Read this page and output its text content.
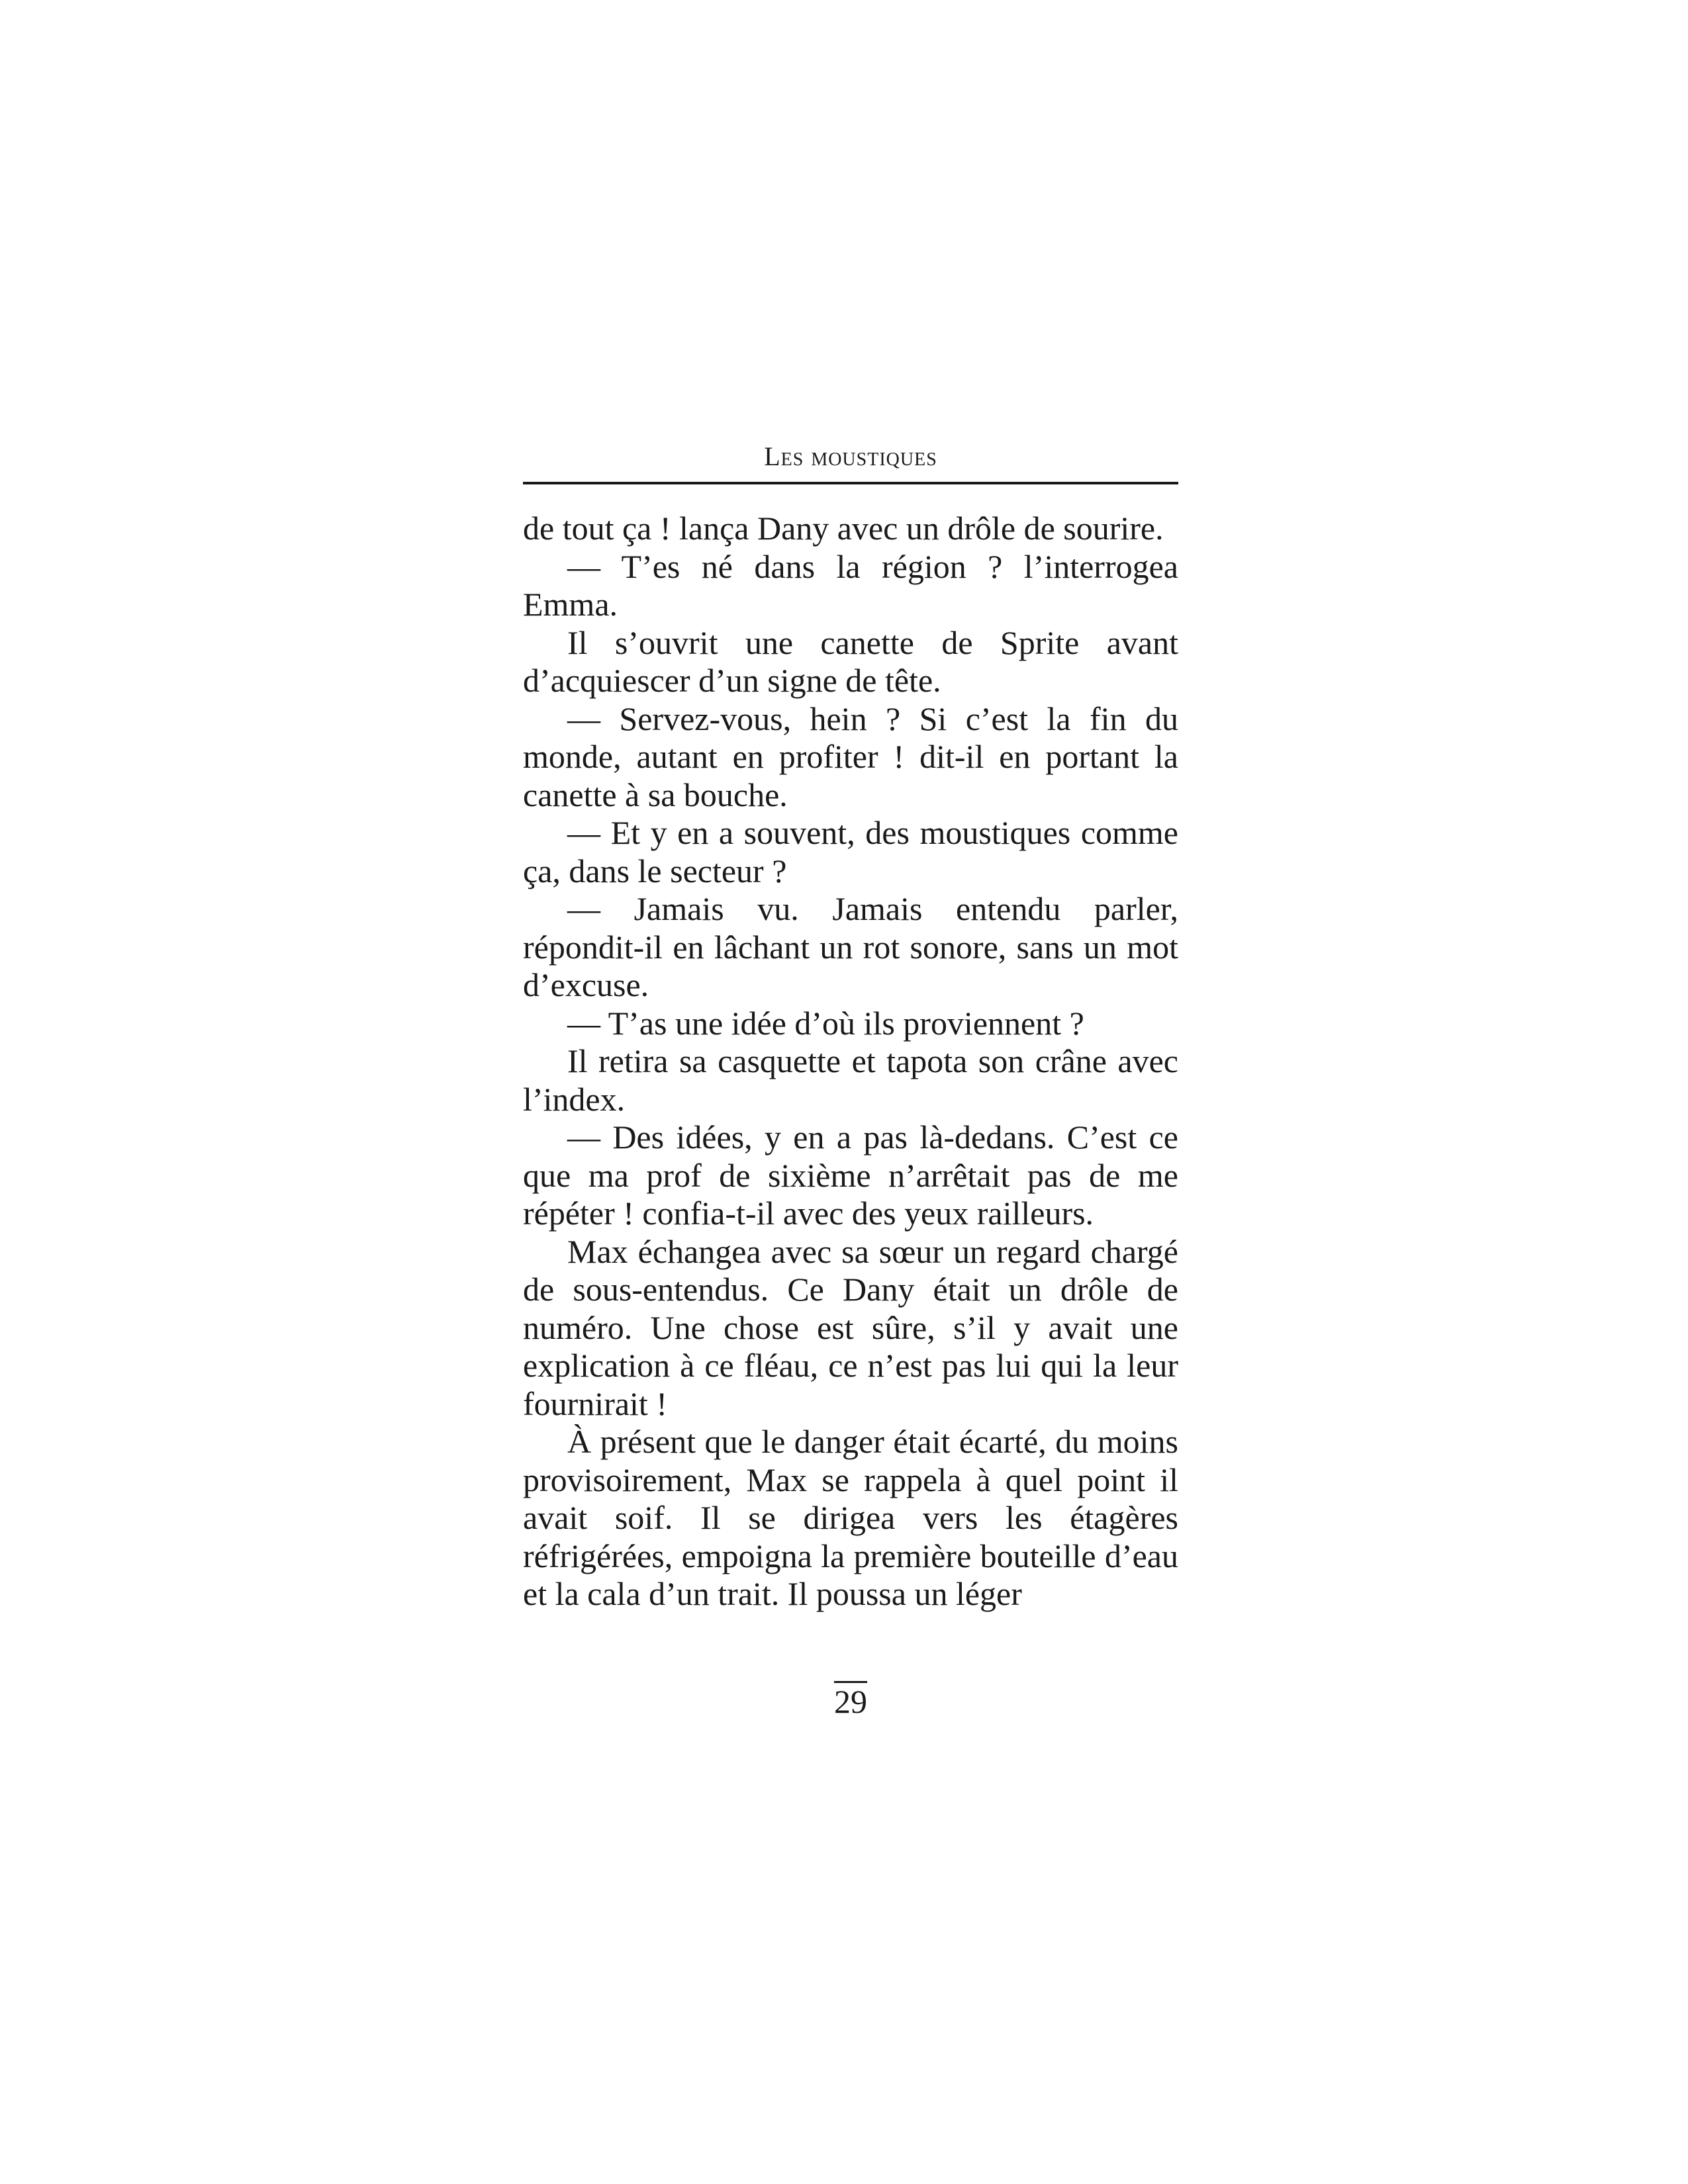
Les moustiques

de tout ça ! lança Dany avec un drôle de sourire.

— T’es né dans la région ? l’interrogea Emma.

Il s’ouvrit une canette de Sprite avant d’acquiescer d’un signe de tête.

— Servez-vous, hein ? Si c’est la fin du monde, autant en profiter ! dit-il en portant la canette à sa bouche.

— Et y en a souvent, des moustiques comme ça, dans le secteur ?

— Jamais vu. Jamais entendu parler, répondit-il en lâchant un rot sonore, sans un mot d’excuse.

— T’as une idée d’où ils proviennent ?

Il retira sa casquette et tapota son crâne avec l’index.

— Des idées, y en a pas là-dedans. C’est ce que ma prof de sixième n’arrêtait pas de me répéter ! confia-t-il avec des yeux railleurs.

Max échangea avec sa sœur un regard chargé de sous-entendus. Ce Dany était un drôle de numéro. Une chose est sûre, s’il y avait une explication à ce fléau, ce n’est pas lui qui la leur fournirait !

À présent que le danger était écarté, du moins provisoirement, Max se rappela à quel point il avait soif. Il se dirigea vers les étagères réfrigérées, empoigna la première bouteille d’eau et la cala d’un trait. Il poussa un léger

29
